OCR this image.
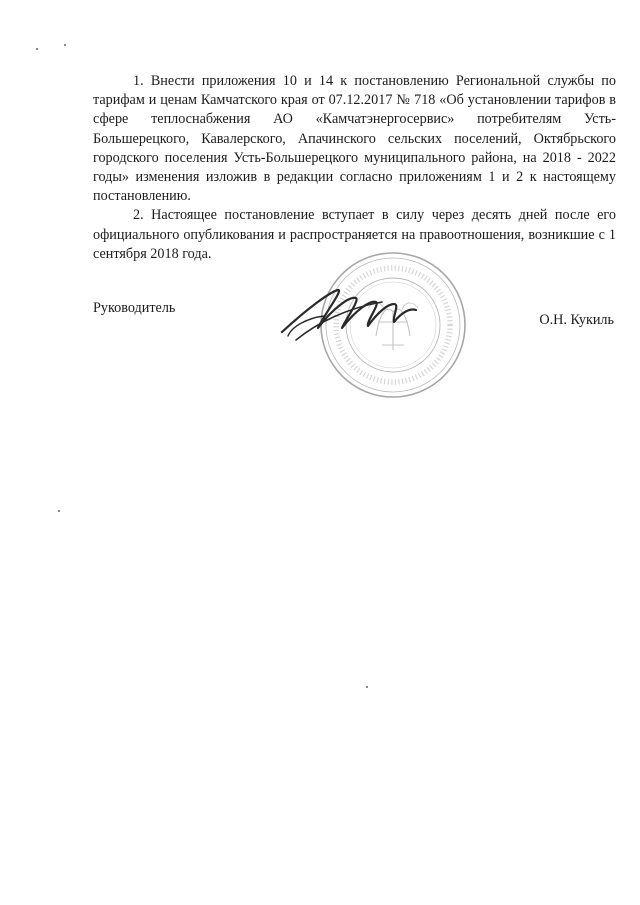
1. Внести приложения 10 и 14 к постановлению Региональной службы по тарифам и ценам Камчатского края от 07.12.2017 № 718 «Об установлении тарифов в сфере теплоснабжения АО «Камчатэнергосервис» потребителям Усть-Большерецкого, Кавалерского, Апачинского сельских поселений, Октябрьского городского поселения Усть-Большерецкого муниципального района, на 2018 - 2022 годы» изменения изложив в редакции согласно приложениям 1 и 2 к настоящему постановлению.

2. Настоящее постановление вступает в силу через десять дней после его официального опубликования и распространяется на правоотношения, возникшие с 1 сентября 2018 года.

Руководитель
О.Н. Кукиль
